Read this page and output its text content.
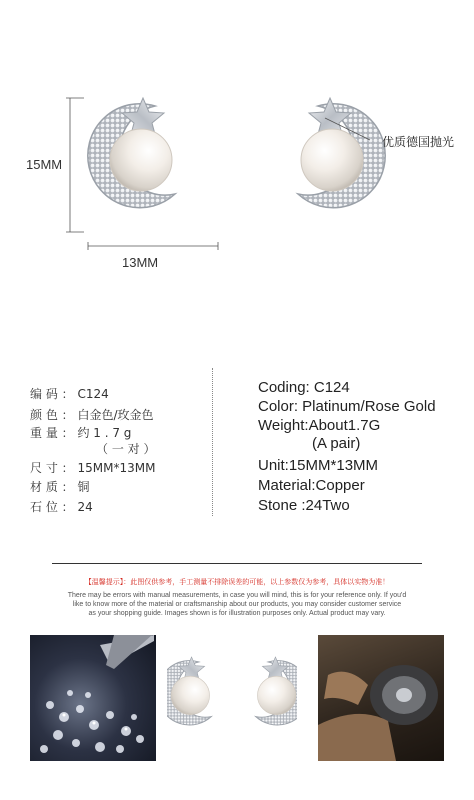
15MM
13MM
优质德国抛光
编 码 ： C124
颜 色 ： 白金色/玫金色
重 量 ： 约 1 . 7 g
（ 一 对 ）
尺 寸 ： 15MM*13MM
材 质 ： 铜
石 位 ： 24
Coding: C124
Color: Platinum/Rose Gold
Weight:About1.7G
(A pair)
Unit:15MM*13MM
Material:Copper
Stone :24Two
【温馨提示】：此图仅供参考，手工测量不排除误差的可能，以上参数仅为参考，具体以实物为准！
There may be errors with manual measurements, in case you will mind, this is for your reference only. If you'd
like to know more of the material or craftsmanship about our products, you may consider customer service
as your shopping guide. Images shown is for illustration purposes only. Actual product may vary.
